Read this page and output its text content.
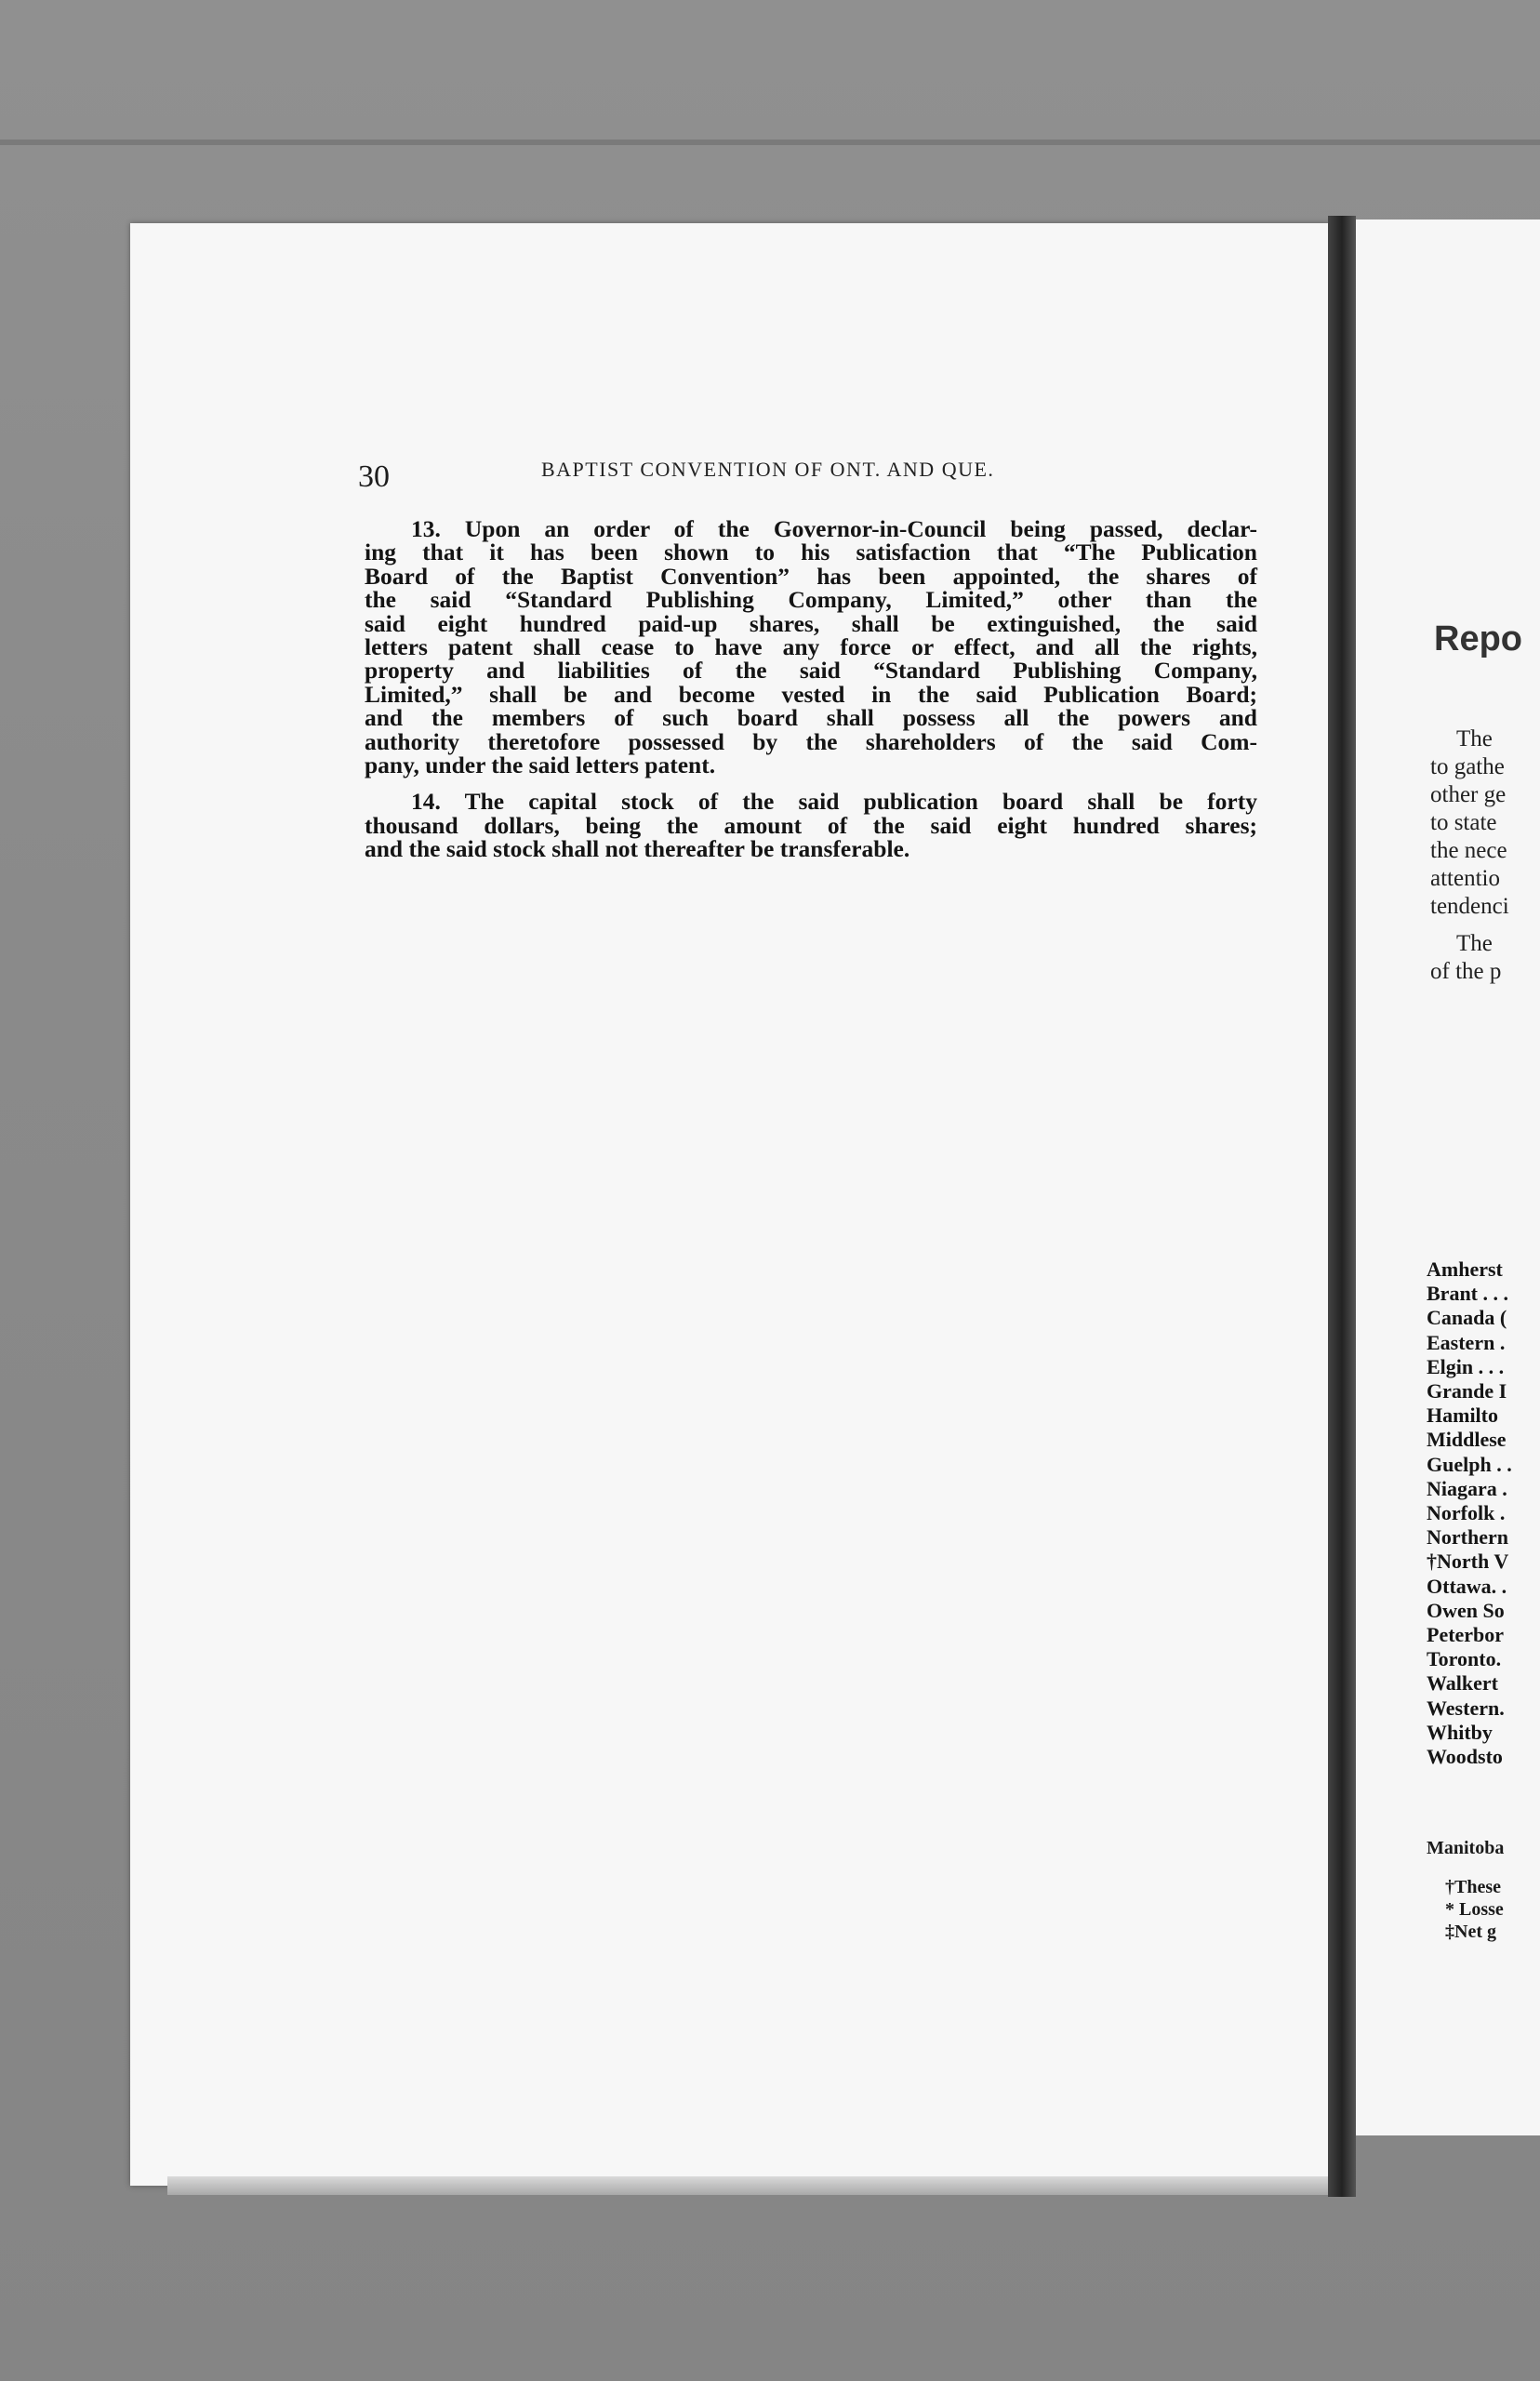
30	BAPTIST CONVENTION OF ONT. AND QUE.

13. Upon an order of the Governor-in-Council being passed, declar-
ing that it has been shown to his satisfaction that “The Publication
Board of the Baptist Convention” has been appointed, the shares of
the said “Standard Publishing Company, Limited,” other than the
said eight hundred paid-up shares, shall be extinguished, the said
letters patent shall cease to have any force or effect, and all the rights,
property and liabilities of the said “Standard Publishing Company,
Limited,” shall be and become vested in the said Publication Board;
and the members of such board shall possess all the powers and
authority theretofore possessed by the shareholders of the said Com-
pany, under the said letters patent.

14. The capital stock of the said publication board shall be forty
thousand dollars, being the amount of the said eight hundred shares;
and the said stock shall not thereafter be transferable.

Repo
The
to gathe
other ge
to state
the nece
attentio
tendenci
The
of the p
Amherst
Brant . . .
Canada (
Eastern .
Elgin . . .
Grande I
Hamilto
Middlese
Guelph . .
Niagara .
Norfolk .
Northern
†North V
Ottawa. .
Owen So
Peterbor
Toronto.
Walkert
Western.
Whitby
Woodsto
Manitoba
†These
* Losse
‡Net g
